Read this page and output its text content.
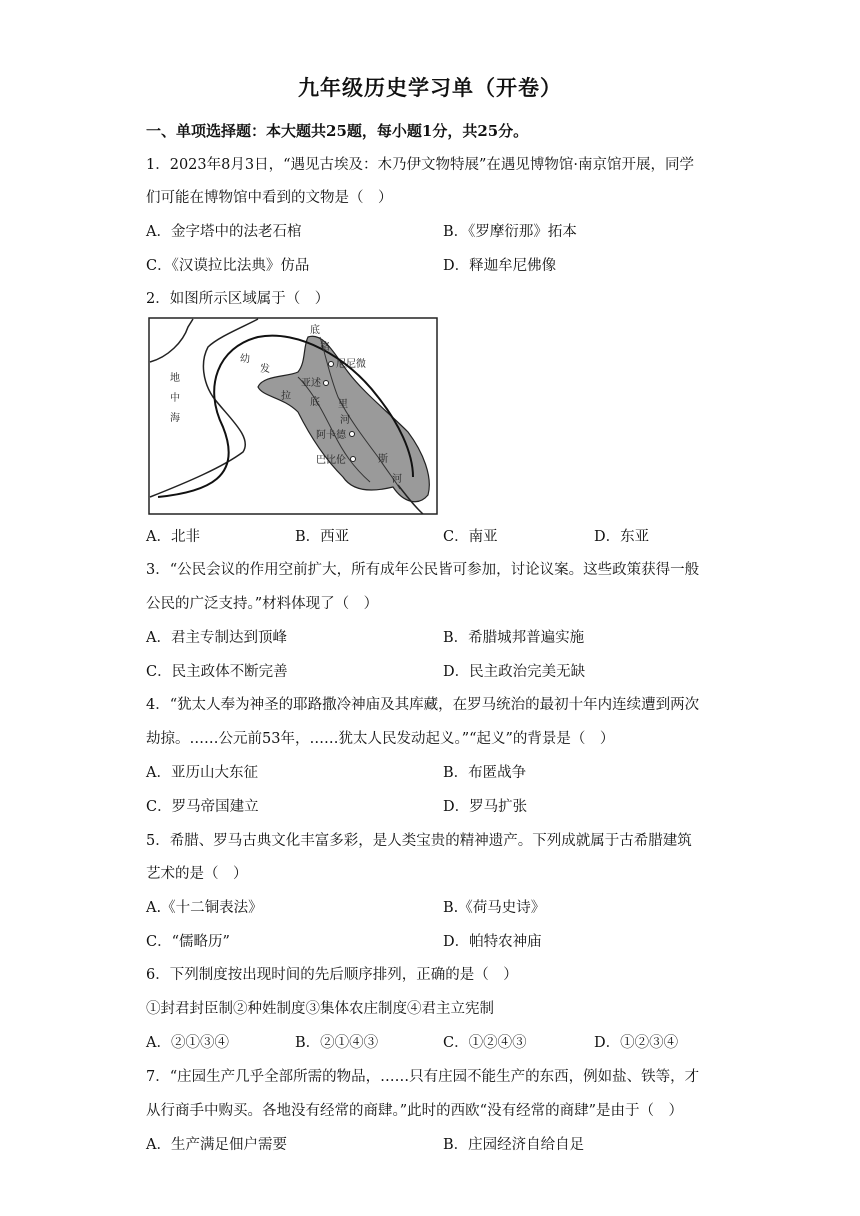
九年级历史学习单（开卷）
一、单项选择题：本大题共25题，每小题1分，共25分。
1．2023年8月3日，“遇见古埃及：木乃伊文物特展”在遇见博物馆·南京馆开展，同学
们可能在博物馆中看到的文物是（　）
A．金字塔中的法老石棺	B．《罗摩衍那》拓本
C．《汉谟拉比法典》仿品	D．释迦牟尼佛像
2．如图所示区域属于（　）
地
中
海
幼
发
拉
底
底
格
里
河
斯
河
尼尼微
亚述
阿卡德
巴比伦
A．北非	B．西亚	C．南亚	D．东亚
3．“公民会议的作用空前扩大，所有成年公民皆可参加，讨论议案。这些政策获得一般
公民的广泛支持。”材料体现了（　）
A．君主专制达到顶峰	B．希腊城邦普遍实施
C．民主政体不断完善	D．民主政治完美无缺
4．“犹太人奉为神圣的耶路撒冷神庙及其库藏，在罗马统治的最初十年内连续遭到两次
劫掠。……公元前53年，……犹太人民发动起义。”“起义”的背景是（　）
A．亚历山大东征	B．布匿战争
C．罗马帝国建立	D．罗马扩张
5．希腊、罗马古典文化丰富多彩，是人类宝贵的精神遗产。下列成就属于古希腊建筑
艺术的是（　）
A.《十二铜表法》	B.《荷马史诗》
C．“儒略历”	D．帕特农神庙
6．下列制度按出现时间的先后顺序排列，正确的是（　）
①封君封臣制②种姓制度③集体农庄制度④君主立宪制
A．②①③④	B．②①④③	C．①②④③	D．①②③④
7．“庄园生产几乎全部所需的物品，……只有庄园不能生产的东西，例如盐、铁等，才
从行商手中购买。各地没有经常的商肆。”此时的西欧“没有经常的商肆”是由于（　）
A．生产满足佃户需要	B．庄园经济自给自足
